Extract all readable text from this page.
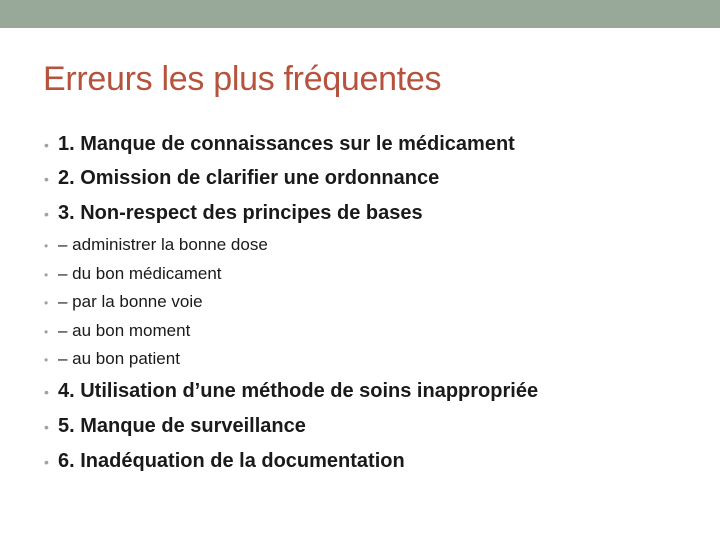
Erreurs les plus fréquentes
• 1. Manque de connaissances sur le médicament
• 2. Omission de clarifier une ordonnance
• 3. Non-respect des principes de bases
• – administrer la bonne dose
• – du bon médicament
• – par la bonne voie
• – au bon moment
• – au bon patient
• 4. Utilisation d’une méthode de soins inappropriée
• 5. Manque de surveillance
• 6. Inadéquation de la documentation
